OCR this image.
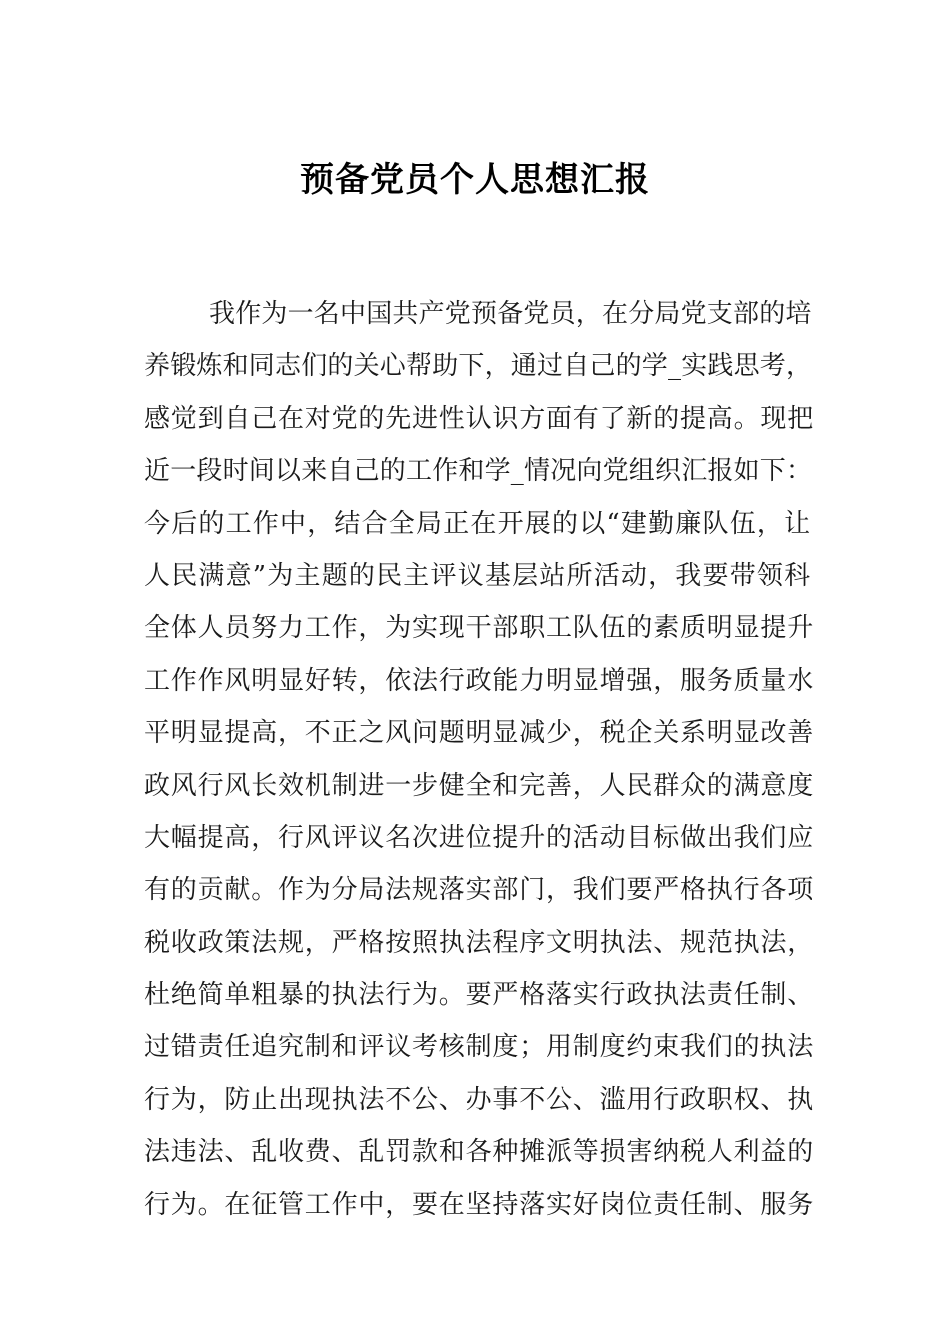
预备党员个人思想汇报
我作为一名中国共产党预备党员，在分局党支部的培
养锻炼和同志们的关心帮助下，通过自己的学_实践思考，
感觉到自己在对党的先进性认识方面有了新的提高。现把
近一段时间以来自己的工作和学_情况向党组织汇报如下：
今后的工作中，结合全局正在开展的以“建勤廉队伍，让
人民满意”为主题的民主评议基层站所活动，我要带领科
全体人员努力工作，为实现干部职工队伍的素质明显提升
工作作风明显好转，依法行政能力明显增强，服务质量水
平明显提高，不正之风问题明显减少，税企关系明显改善
政风行风长效机制进一步健全和完善，人民群众的满意度
大幅提高，行风评议名次进位提升的活动目标做出我们应
有的贡献。作为分局法规落实部门，我们要严格执行各项
税收政策法规，严格按照执法程序文明执法、规范执法，
杜绝简单粗暴的执法行为。要严格落实行政执法责任制、
过错责任追究制和评议考核制度；用制度约束我们的执法
行为，防止出现执法不公、办事不公、滥用行政职权、执
法违法、乱收费、乱罚款和各种摊派等损害纳税人利益的
行为。在征管工作中，要在坚持落实好岗位责任制、服务
